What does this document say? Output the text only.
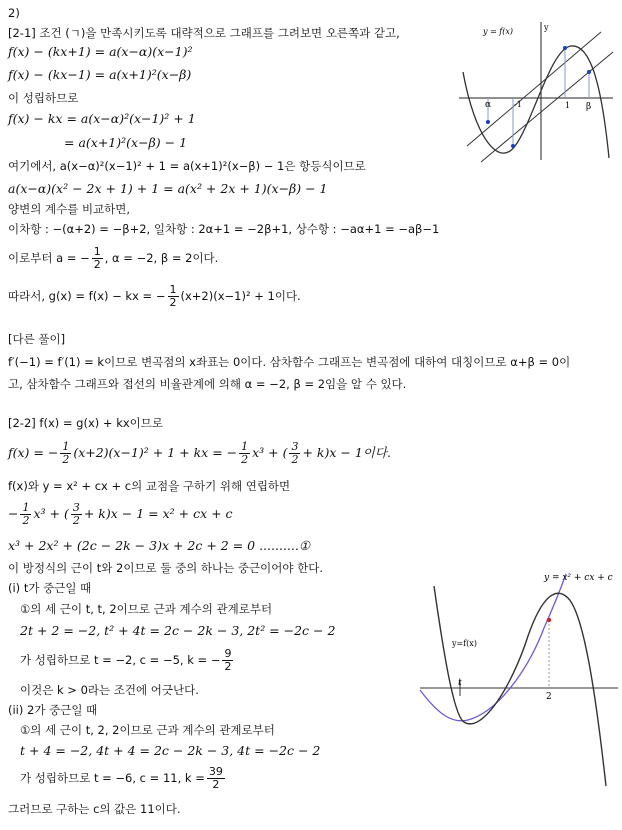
2)
[2-1] 조건 (ㄱ)을 만족시키도록 대략적으로 그래프를 그려보면 오른쪽과 같고,
f(x) − (kx+1) = a(x−α)(x−1)²
f(x) − (kx−1) = a(x+1)²(x−β)
이 성립하므로
f(x) − kx = a(x−α)²(x−1)² + 1
= a(x+1)²(x−β) − 1
여기에서, a(x−α)²(x−1)² + 1 = a(x+1)²(x−β) − 1은 항등식이므로
a(x−α)(x² − 2x + 1) + 1 = a(x² + 2x + 1)(x−β) − 1
양변의 계수를 비교하면,
이차항 : −(α+2) = −β+2, 일차항 : 2α+1 = −2β+1, 상수항 : −aα+1 = −aβ−1
이로부터 a = − $\frac{1}{2}$ , α = −2, β = 2이다.
따라서, g(x) = f(x) − kx = − $\frac{1}{2} (x+2)(x-1)^2 + 1$이다.
[다른 풀이]
f′(−1) = f′(1) = k이므로 변곡점의 x좌표는 0이다. 삼차함수 그래프는 변곡점에 대하여 대칭이므로 α+β = 0이
고, 삼차함수 그래프와 접선의 비율관계에 의해 α = −2, β = 2임을 알 수 있다.
[2-2] f(x) = g(x) + kx이므로
f(x) = − $\frac{1}{2} (x+2)(x-1)^2 + 1$ + kx = − $\frac{1}{2} x^3$ + ( $\frac{3}{2} + k)x - 1$이다.
f(x)와 y = x² + cx + c의 교점을 구하기 위해 연립하면
− $\frac{1}{2} x^3$ + ( $\frac{3}{2} + k)x - 1 = x^2$ + cx + c
x³ + 2x² + (2c − 2k − 3)x + 2c + 2 = 0 ..........①
이 방정식의 근이 t와 2이므로 둘 중의 하나는 중근이어야 한다.
(i) t가 중근일 때
①의 세 근이 t, t, 2이므로 근과 계수의 관계로부터
2t + 2 = −2, t² + 4t = 2c − 2k − 3, 2t² = −2c − 2
가 성립하므로 t = −2, c = −5, k = − $\frac{9}{2}$
이것은 k > 0라는 조건에 어긋난다.
(ii) 2가 중근일 때
①의 세 근이 t, 2, 2이므로 근과 계수의 관계로부터
t + 4 = −2, 4t + 4 = 2c − 2k − 3, 4t = −2c − 2
가 성립하므로 t = −6, c = 11, $k = \frac{39}{2}$
그러므로 구하는 c의 값은 11이다.
y
y = f(x)
α	-1	1 β
y = x² + cx + c
y=f(x)
t
2
